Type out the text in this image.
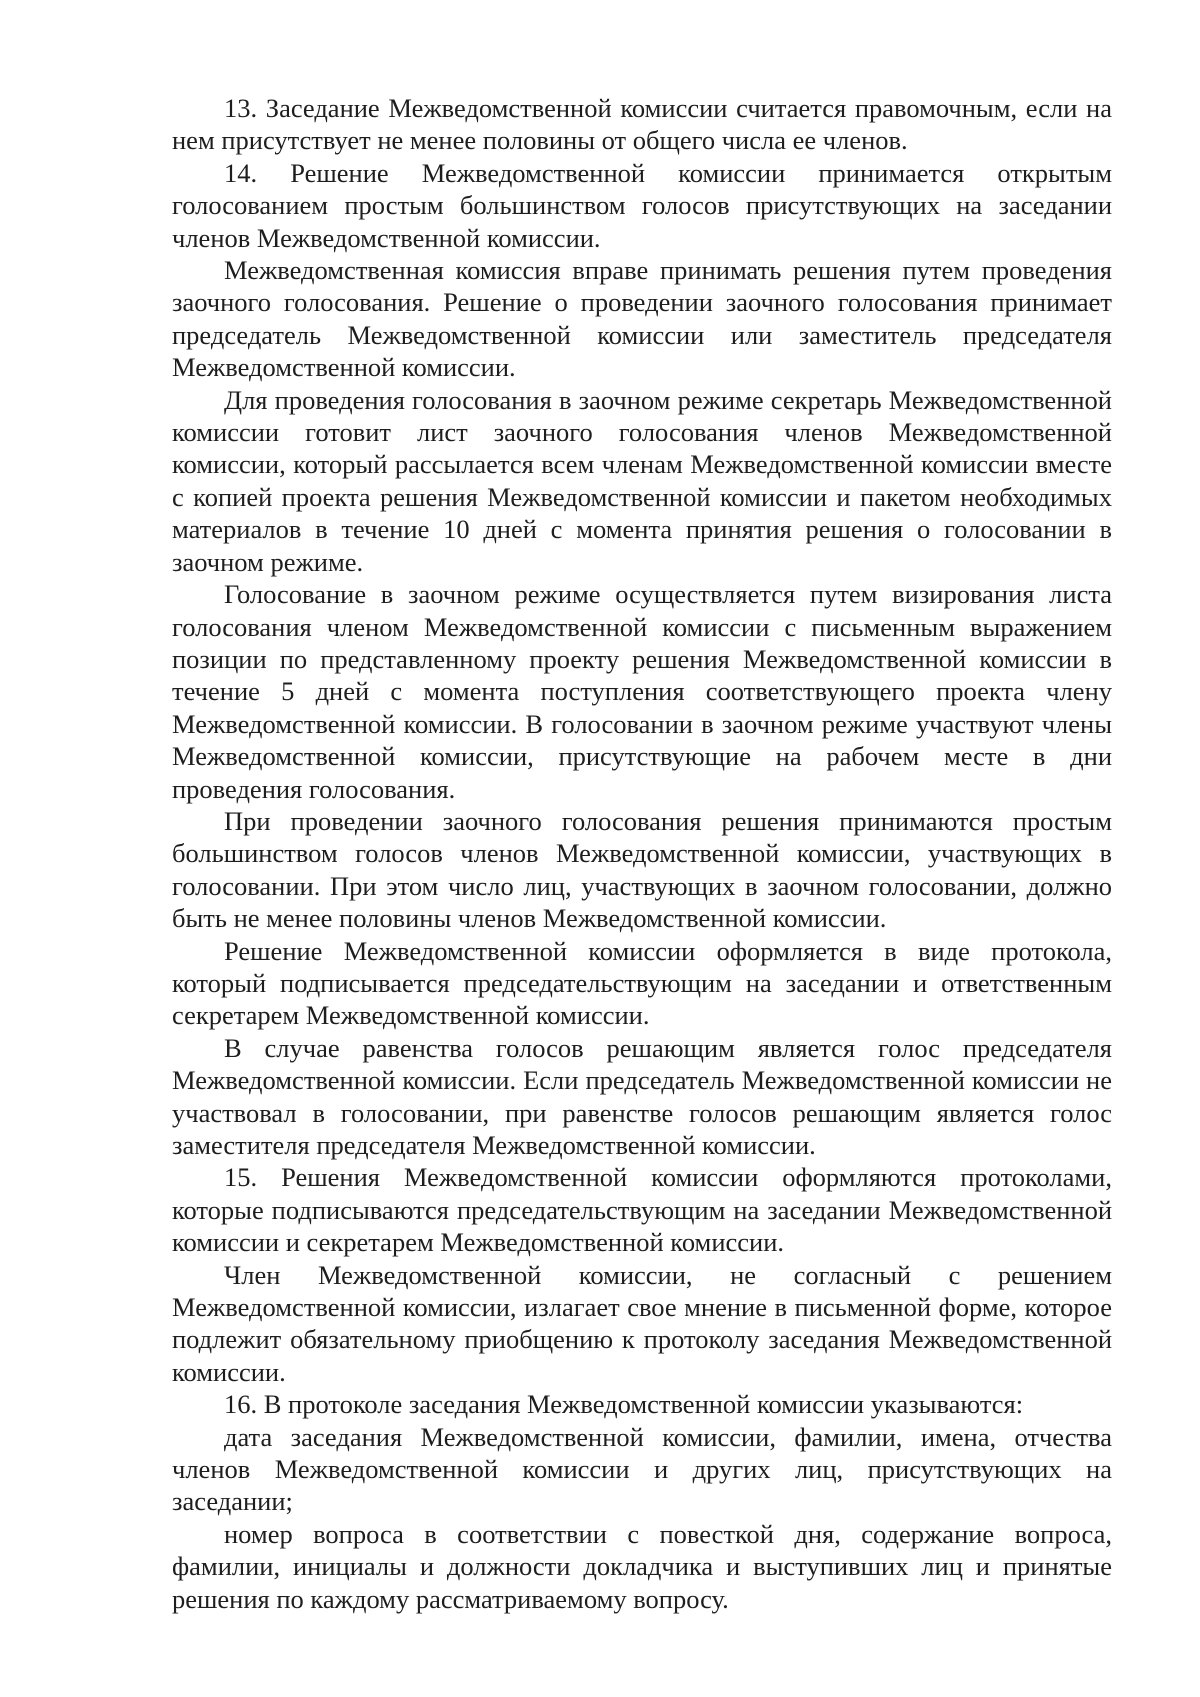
13. Заседание Межведомственной комиссии считается правомочным, если на нем присутствует не менее половины от общего числа ее членов.

14. Решение Межведомственной комиссии принимается открытым голосованием простым большинством голосов присутствующих на заседании членов Межведомственной комиссии.

Межведомственная комиссия вправе принимать решения путем проведения заочного голосования. Решение о проведении заочного голосования принимает председатель Межведомственной комиссии или заместитель председателя Межведомственной комиссии.

Для проведения голосования в заочном режиме секретарь Межведомственной комиссии готовит лист заочного голосования членов Межведомственной комиссии, который рассылается всем членам Межведомственной комиссии вместе с копией проекта решения Межведомственной комиссии и пакетом необходимых материалов в течение 10 дней с момента принятия решения о голосовании в заочном режиме.

Голосование в заочном режиме осуществляется путем визирования листа голосования членом Межведомственной комиссии с письменным выражением позиции по представленному проекту решения Межведомственной комиссии в течение 5 дней с момента поступления соответствующего проекта члену Межведомственной комиссии. В голосовании в заочном режиме участвуют члены Межведомственной комиссии, присутствующие на рабочем месте в дни проведения голосования.

При проведении заочного голосования решения принимаются простым большинством голосов членов Межведомственной комиссии, участвующих в голосовании. При этом число лиц, участвующих в заочном голосовании, должно быть не менее половины членов Межведомственной комиссии.

Решение Межведомственной комиссии оформляется в виде протокола, который подписывается председательствующим на заседании и ответственным секретарем Межведомственной комиссии.

В случае равенства голосов решающим является голос председателя Межведомственной комиссии. Если председатель Межведомственной комиссии не участвовал в голосовании, при равенстве голосов решающим является голос заместителя председателя Межведомственной комиссии.

15. Решения Межведомственной комиссии оформляются протоколами, которые подписываются председательствующим на заседании Межведомственной комиссии и секретарем Межведомственной комиссии.

Член Межведомственной комиссии, не согласный с решением Межведомственной комиссии, излагает свое мнение в письменной форме, которое подлежит обязательному приобщению к протоколу заседания Межведомственной комиссии.

16. В протоколе заседания Межведомственной комиссии указываются:

дата заседания Межведомственной комиссии, фамилии, имена, отчества членов Межведомственной комиссии и других лиц, присутствующих на заседании;

номер вопроса в соответствии с повесткой дня, содержание вопроса, фамилии, инициалы и должности докладчика и выступивших лиц и принятые решения по каждому рассматриваемому вопросу.
